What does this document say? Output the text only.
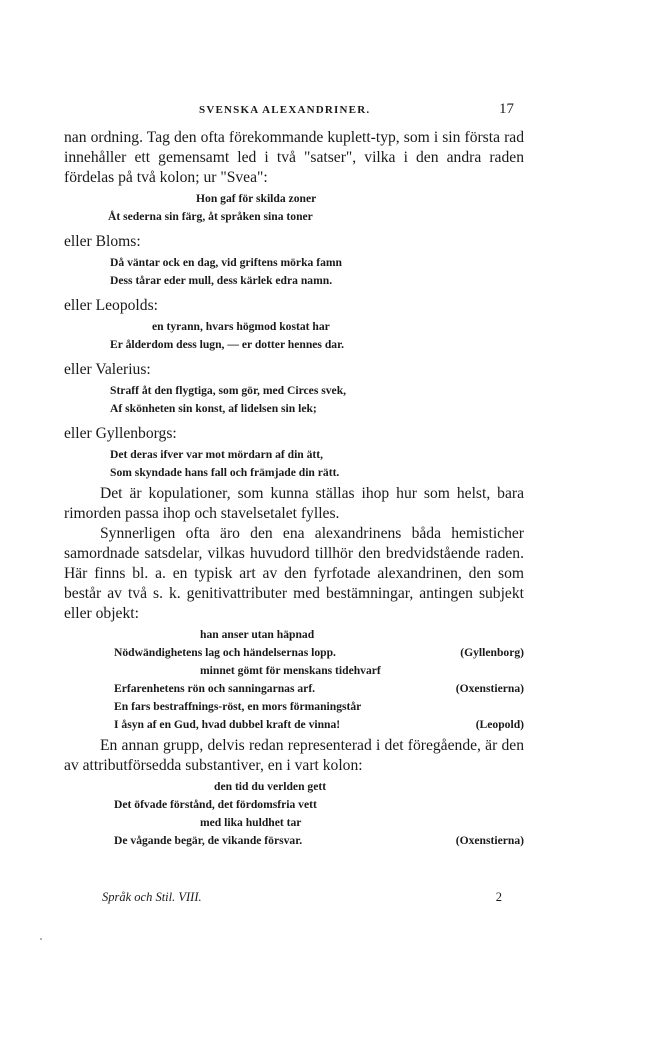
SVENSKA ALEXANDRINER.	17

nan ordning. Tag den ofta förekommande kuplett-typ, som i sin första rad innehåller ett gemensamt led i två "satser", vilka i den andra raden fördelas på två kolon; ur "Svea":

Hon gaf för skilda zoner
Åt sederna sin färg, åt språken sina toner

eller Bloms:

Då väntar ock en dag, vid griftens mörka famn
Dess tårar eder mull, dess kärlek edra namn.

eller Leopolds:

en tyrann, hvars högmod kostat har
Er ålderdom dess lugn, — er dotter hennes dar.

eller Valerius:

Straff åt den flygtiga, som gör, med Circes svek,
Af skönheten sin konst, af lidelsen sin lek;

eller Gyllenborgs:

Det deras ifver var mot mördarn af din ätt,
Som skyndade hans fall och främjade din rätt.

Det är kopulationer, som kunna ställas ihop hur som helst, bara rimorden passa ihop och stavelsetalet fylles.

Synnerligen ofta äro den ena alexandrinens båda hemisticher samordnade satsdelar, vilkas huvudord tillhör den bredvidstående raden. Här finns bl. a. en typisk art av den fyrfotade alexandrinen, den som består av två s. k. genitivattributer med bestämningar, antingen subjekt eller objekt:

han anser utan häpnad
Nödwändighetens lag och händelsernas lopp.	(Gyllenborg)
minnet gömt för menskans tidehvarf
Erfarenhetens rön och sanningarnas arf.	(Oxenstierna)
En fars bestraffnings-röst, en mors förmaningstår
I åsyn af en Gud, hvad dubbel kraft de vinna!	(Leopold)

En annan grupp, delvis redan representerad i det föregående, är den av attributförsedda substantiver, en i vart kolon:

den tid du verlden gett
Det öfvade förstånd, det fördomsfria vett
med lika huldhet tar
De vågande begär, de vikande försvar.	(Oxenstierna)
Språk och Stil. VIII.	2
